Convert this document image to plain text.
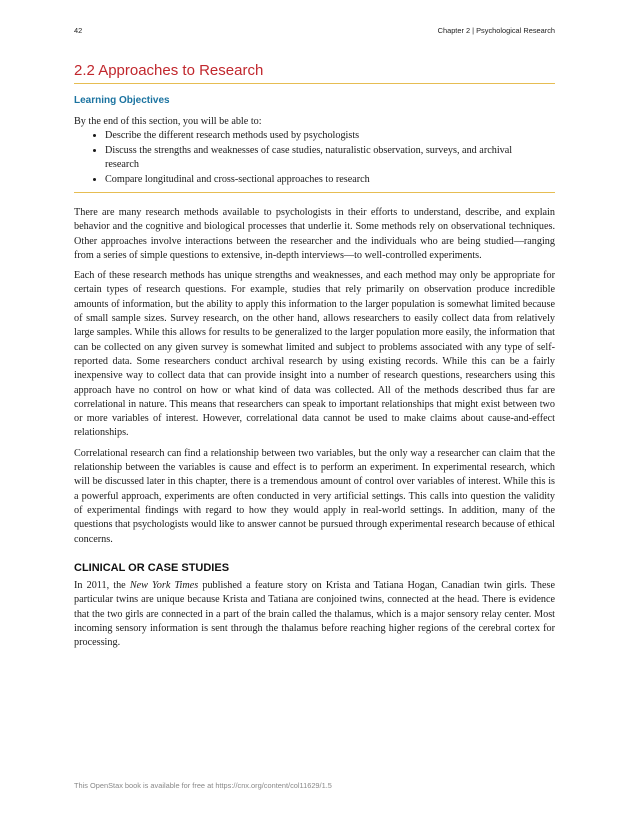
42	Chapter 2 | Psychological Research
2.2 Approaches to Research
Learning Objectives

By the end of this section, you will be able to:

• Describe the different research methods used by psychologists
• Discuss the strengths and weaknesses of case studies, naturalistic observation, surveys, and archival research
• Compare longitudinal and cross-sectional approaches to research

There are many research methods available to psychologists in their efforts to understand, describe, and explain behavior and the cognitive and biological processes that underlie it. Some methods rely on observational techniques. Other approaches involve interactions between the researcher and the individuals who are being studied—ranging from a series of simple questions to extensive, in-depth interviews—to well-controlled experiments.

Each of these research methods has unique strengths and weaknesses, and each method may only be appropriate for certain types of research questions. For example, studies that rely primarily on observation produce incredible amounts of information, but the ability to apply this information to the larger population is somewhat limited because of small sample sizes. Survey research, on the other hand, allows researchers to easily collect data from relatively large samples. While this allows for results to be generalized to the larger population more easily, the information that can be collected on any given survey is somewhat limited and subject to problems associated with any type of self-reported data. Some researchers conduct archival research by using existing records. While this can be a fairly inexpensive way to collect data that can provide insight into a number of research questions, researchers using this approach have no control on how or what kind of data was collected. All of the methods described thus far are correlational in nature. This means that researchers can speak to important relationships that might exist between two or more variables of interest. However, correlational data cannot be used to make claims about cause-and-effect relationships.

Correlational research can find a relationship between two variables, but the only way a researcher can claim that the relationship between the variables is cause and effect is to perform an experiment. In experimental research, which will be discussed later in this chapter, there is a tremendous amount of control over variables of interest. While this is a powerful approach, experiments are often conducted in very artificial settings. This calls into question the validity of experimental findings with regard to how they would apply in real-world settings. In addition, many of the questions that psychologists would like to answer cannot be pursued through experimental research because of ethical concerns.

CLINICAL OR CASE STUDIES

In 2011, the New York Times published a feature story on Krista and Tatiana Hogan, Canadian twin girls. These particular twins are unique because Krista and Tatiana are conjoined twins, connected at the head. There is evidence that the two girls are connected in a part of the brain called the thalamus, which is a major sensory relay center. Most incoming sensory information is sent through the thalamus before reaching higher regions of the cerebral cortex for processing.

This OpenStax book is available for free at https://cnx.org/content/col11629/1.5
